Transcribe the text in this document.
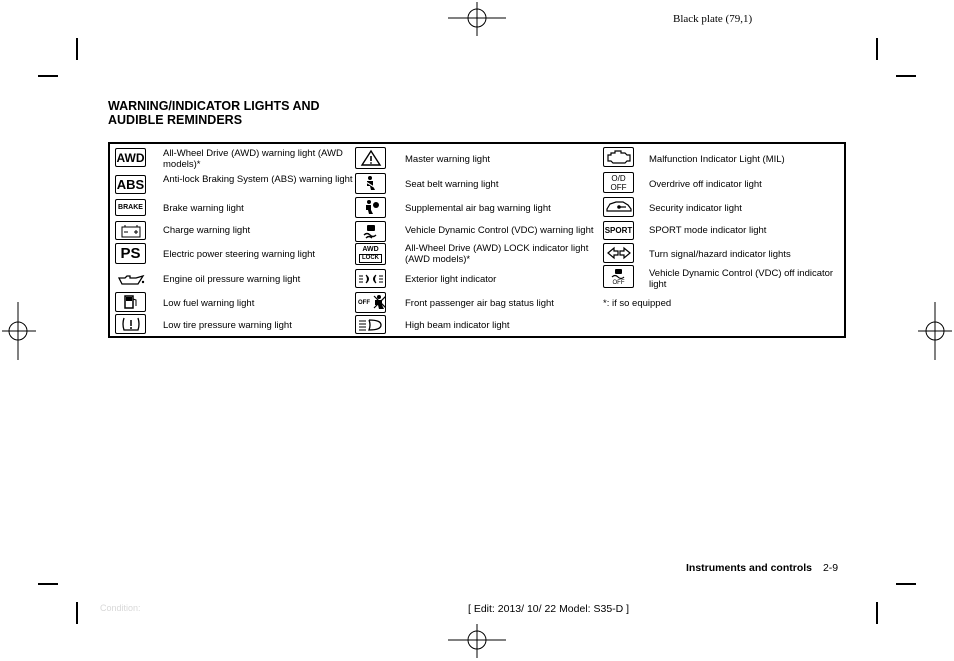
Black plate (79,1)
WARNING/INDICATOR LIGHTS AND
AUDIBLE REMINDERS
AWD All-Wheel Drive (AWD) warning light (AWD models)*
ABS Anti-lock Braking System (ABS) warning light
BRAKE Brake warning light
Charge warning light
PS Electric power steering warning light
Engine oil pressure warning light
Low fuel warning light
Low tire pressure warning light
Master warning light
Seat belt warning light
Supplemental air bag warning light
Vehicle Dynamic Control (VDC) warning light
AWD
LOCK
All-Wheel Drive (AWD) LOCK indicator light (AWD models)*
Exterior light indicator
OFF	Front passenger air bag status light
High beam indicator light
Malfunction Indicator Light (MIL)
O/D
OFF Overdrive off indicator light
Security indicator light
SPORT SPORT mode indicator light
Turn signal/hazard indicator lights
OFF
Vehicle Dynamic Control (VDC) off indicator light
*: if so equipped
Instruments and controls 2-9
Condition:	[ Edit: 2013/ 10/ 22 Model: S35-D ]
